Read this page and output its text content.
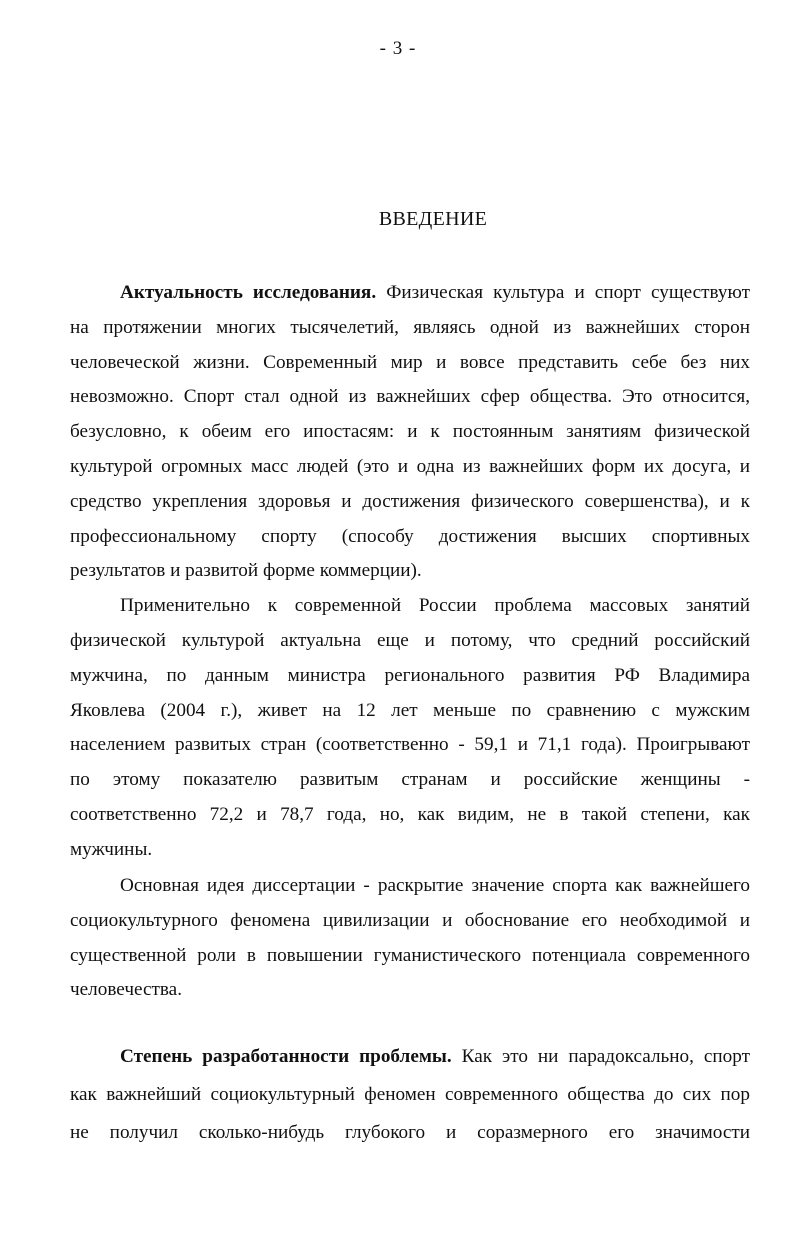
- 3 -
ВВЕДЕНИЕ
Актуальность исследования. Физическая культура и спорт существуют
на протяжении многих тысячелетий, являясь одной из важнейших сторон
человеческой жизни. Современный мир и вовсе представить себе без них
невозможно. Спорт стал одной из важнейших сфер общества. Это относится,
безусловно, к обеим его ипостасям: и к постоянным занятиям физической
культурой огромных масс людей (это и одна из важнейших форм их досуга, и
средство укрепления здоровья и достижения физического совершенства), и к
профессиональному спорту (способу достижения высших спортивных
результатов и развитой форме коммерции).
Применительно к современной России проблема массовых занятий
физической культурой актуальна еще и потому, что средний российский
мужчина, по данным министра регионального развития РФ Владимира
Яковлева (2004 г.), живет на 12 лет меньше по сравнению с мужским
населением развитых стран (соответственно - 59,1 и 71,1 года). Проигрывают
по этому показателю развитым странам и российские женщины -
соответственно 72,2 и 78,7 года, но, как видим, не в такой степени, как
мужчины.
Основная идея диссертации - раскрытие значение спорта как важнейшего
социокультурного феномена цивилизации и обоснование его необходимой и
существенной роли в повышении гуманистического потенциала современного
человечества.
Степень разработанности проблемы. Как это ни парадоксально, спорт
как важнейший социокультурный феномен современного общества до сих пор
не получил сколько-нибудь глубокого и соразмерного его значимости
